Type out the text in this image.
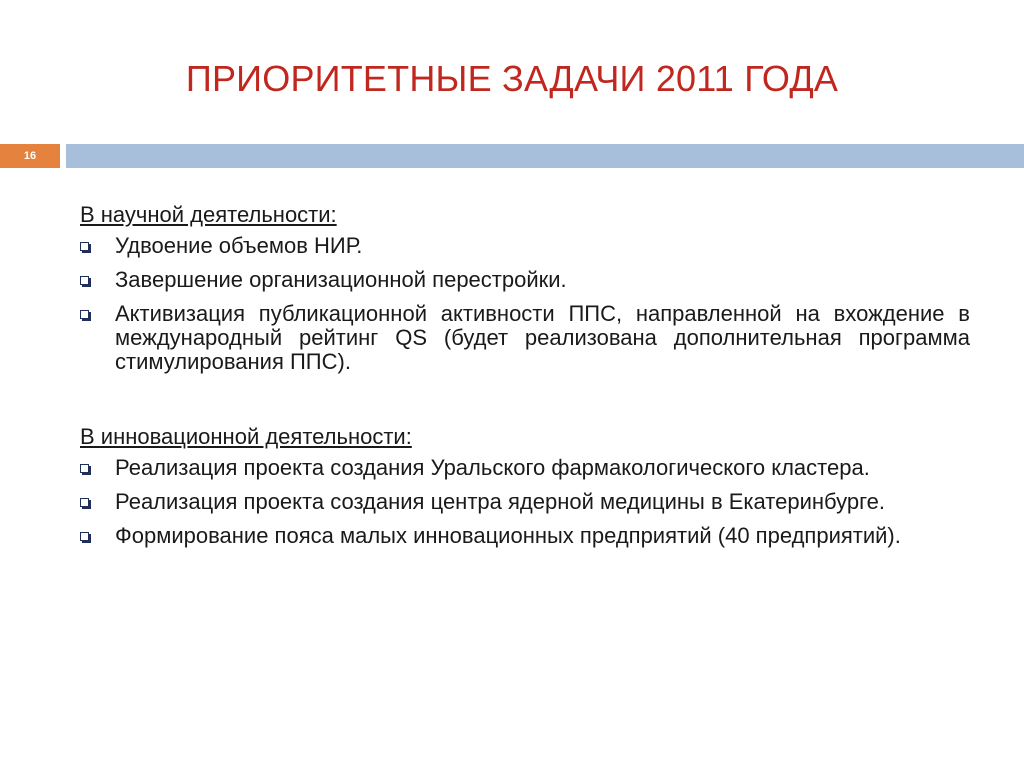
ПРИОРИТЕТНЫЕ ЗАДАЧИ 2011 ГОДА
16

В научной деятельности:

Удвоение объемов НИР.
Завершение организационной перестройки.
Активизация публикационной активности ППС, направленной на вхождение в международный рейтинг QS (будет реализована дополнительная программа стимулирования ППС).

В инновационной деятельности:

Реализация проекта создания Уральского фармакологического кластера.
Реализация проекта создания центра ядерной медицины в Екатеринбурге.
Формирование пояса малых инновационных предприятий (40 предприятий).
